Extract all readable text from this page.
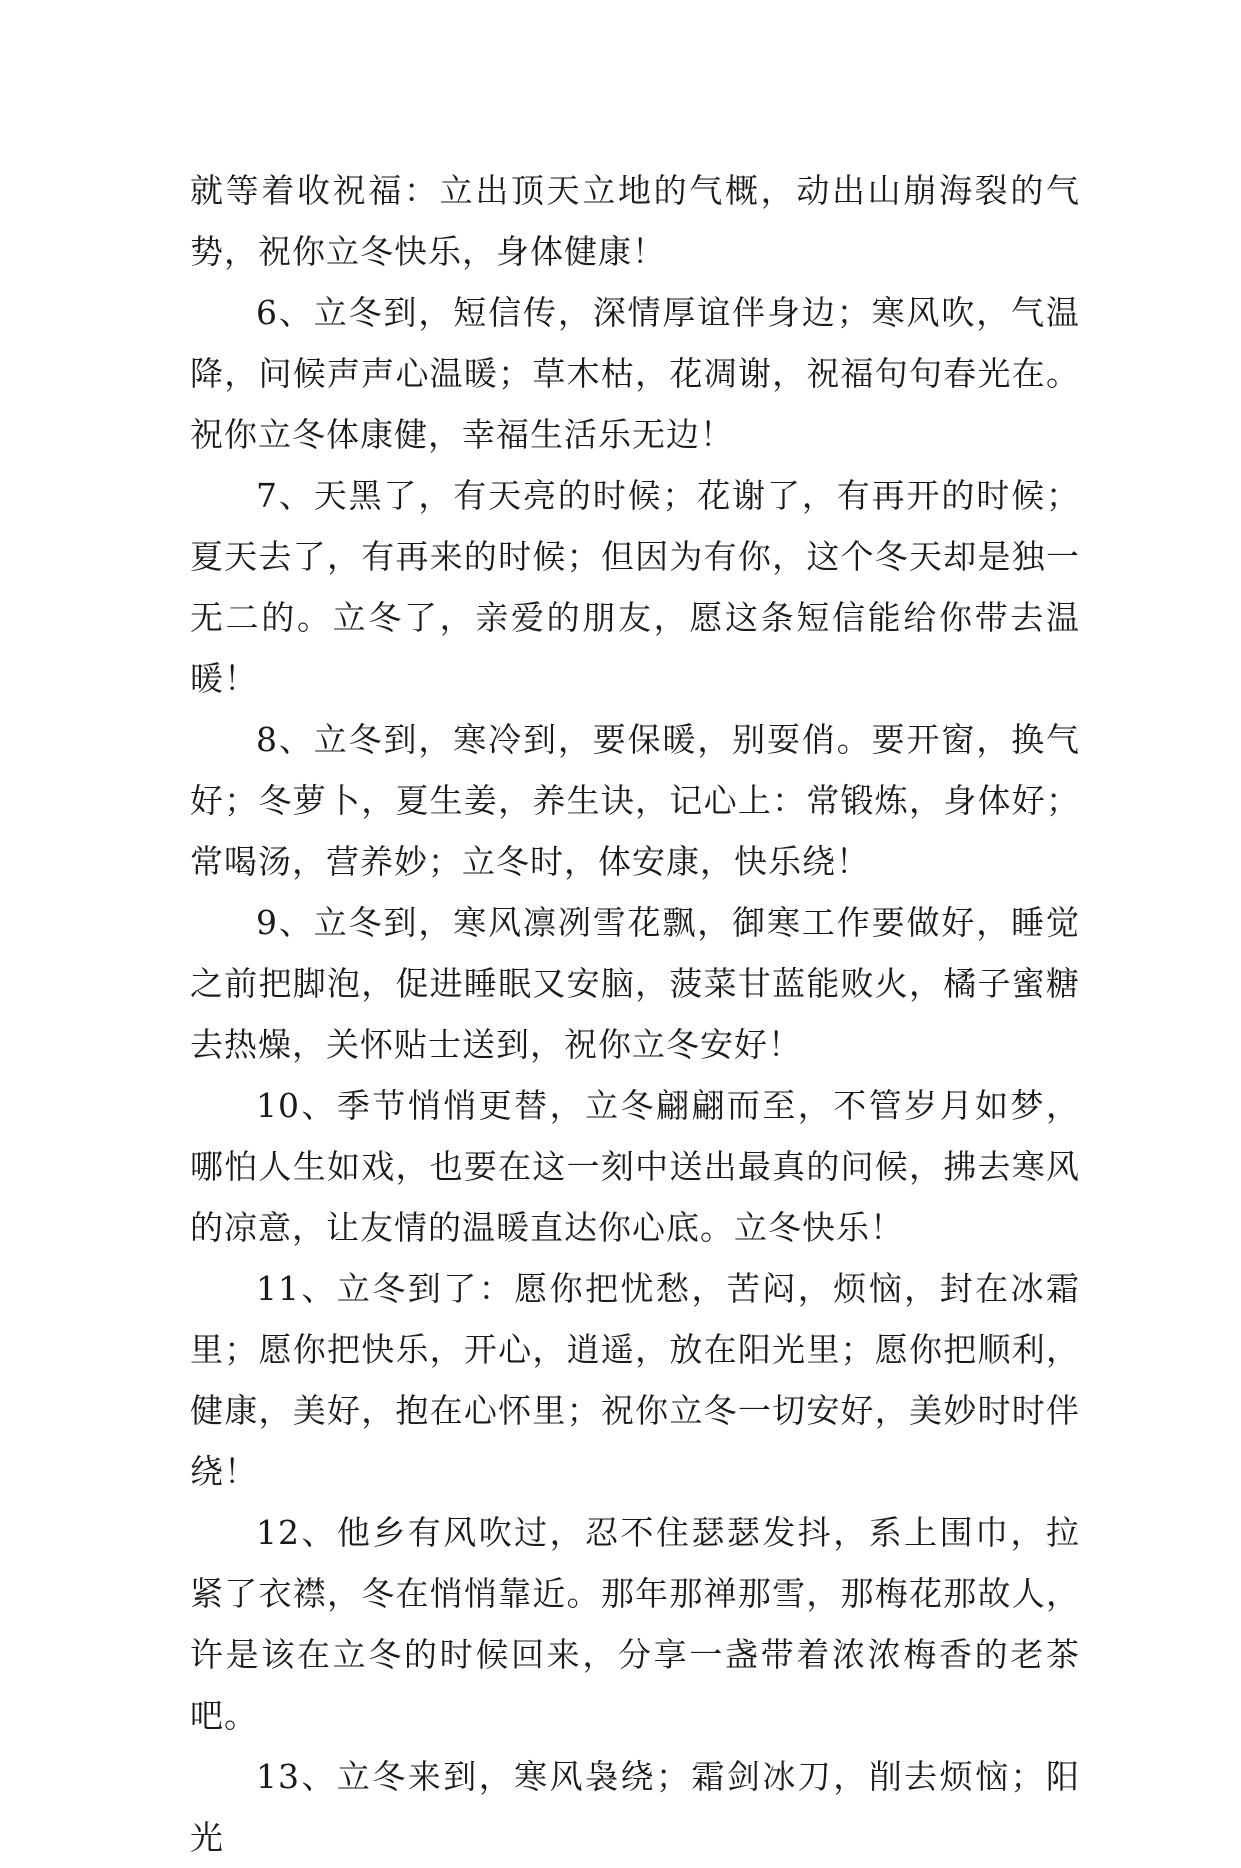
就等着收祝福：立出顶天立地的气概，动出山崩海裂的气势，祝你立冬快乐，身体健康！

6、立冬到，短信传，深情厚谊伴身边；寒风吹，气温降，问候声声心温暖；草木枯，花凋谢，祝福句句春光在。祝你立冬体康健，幸福生活乐无边！

7、天黑了，有天亮的时候；花谢了，有再开的时候；夏天去了，有再来的时候；但因为有你，这个冬天却是独一无二的。立冬了，亲爱的朋友，愿这条短信能给你带去温暖！

8、立冬到，寒冷到，要保暖，别耍俏。要开窗，换气好；冬萝卜，夏生姜，养生诀，记心上：常锻炼，身体好；常喝汤，营养妙；立冬时，体安康，快乐绕！

9、立冬到，寒风凛冽雪花飘，御寒工作要做好，睡觉之前把脚泡，促进睡眠又安脑，菠菜甘蓝能败火，橘子蜜糖去热燥，关怀贴士送到，祝你立冬安好！

10、季节悄悄更替，立冬翩翩而至，不管岁月如梦，哪怕人生如戏，也要在这一刻中送出最真的问候，拂去寒风的凉意，让友情的温暖直达你心底。立冬快乐！

11、立冬到了：愿你把忧愁，苦闷，烦恼，封在冰霜里；愿你把快乐，开心，逍遥，放在阳光里；愿你把顺利，健康，美好，抱在心怀里；祝你立冬一切安好，美妙时时伴绕！

12、他乡有风吹过，忍不住瑟瑟发抖，系上围巾，拉紧了衣襟，冬在悄悄靠近。那年那禅那雪，那梅花那故人，许是该在立冬的时候回来，分享一盏带着浓浓梅香的老茶吧。

13、立冬来到，寒风袅绕；霜剑冰刀，削去烦恼；阳光
